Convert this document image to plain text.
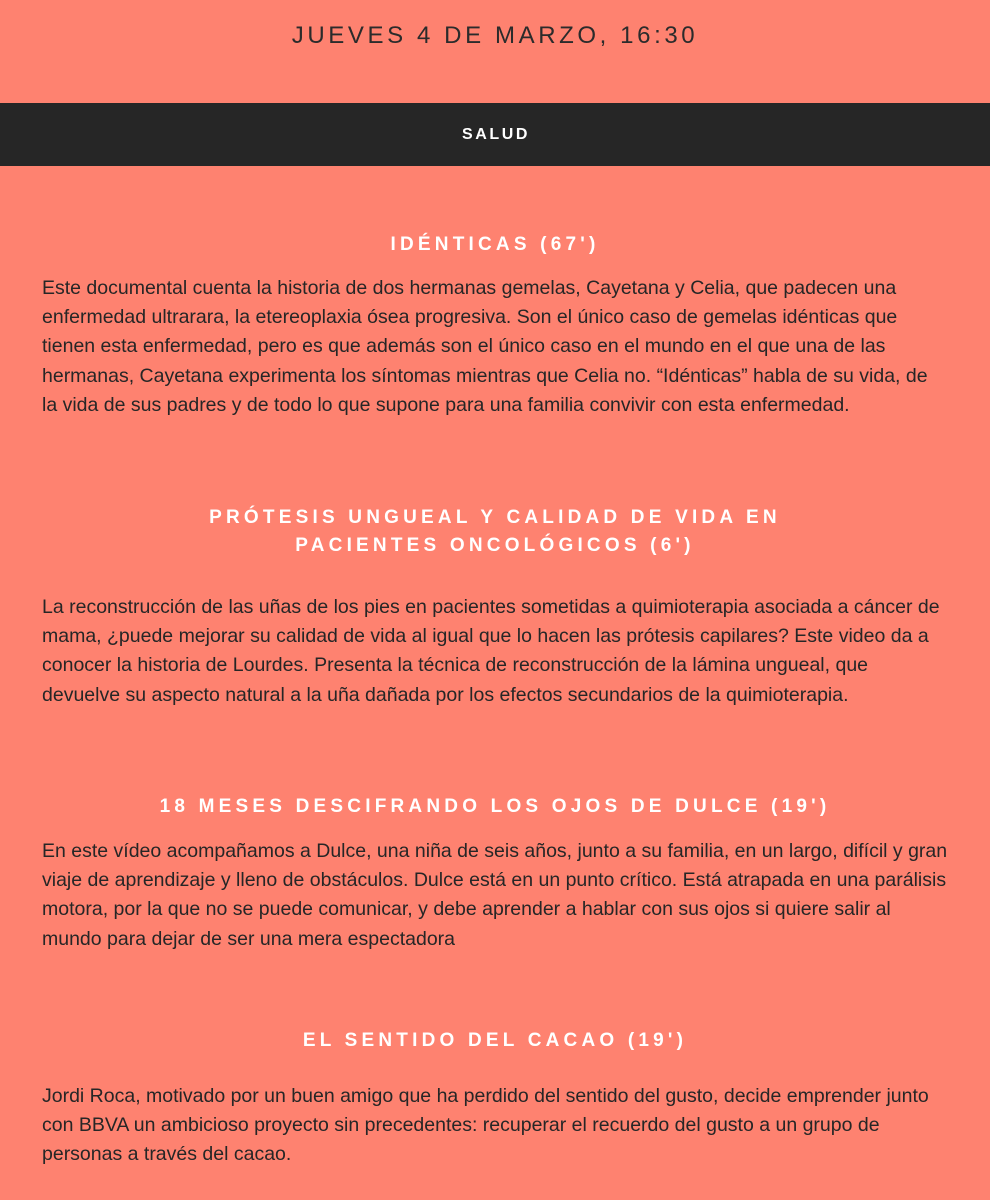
JUEVES 4 DE MARZO, 16:30
SALUD
IDÉNTICAS (67')

Este documental cuenta la historia de dos hermanas gemelas, Cayetana y Celia, que padecen una enfermedad ultrarara, la etereoplaxia ósea progresiva. Son el único caso de gemelas idénticas que tienen esta enfermedad, pero es que además son el único caso en el mundo en el que una de las hermanas, Cayetana experimenta los síntomas mientras que Celia no. “Idénticas” habla de su vida, de la vida de sus padres y de todo lo que supone para una familia convivir con esta enfermedad.

PRÓTESIS UNGUEAL Y CALIDAD DE VIDA EN
PACIENTES ONCOLÓGICOS (6')

La reconstrucción de las uñas de los pies en pacientes sometidas a quimioterapia asociada a cáncer de mama, ¿puede mejorar su calidad de vida al igual que lo hacen las prótesis capilares? Este video da a conocer la historia de Lourdes. Presenta la técnica de reconstrucción de la lámina ungueal, que devuelve su aspecto natural a la uña dañada por los efectos secundarios de la quimioterapia.

18 MESES DESCIFRANDO LOS OJOS DE DULCE (19')

En este vídeo acompañamos a Dulce, una niña de seis años, junto a su familia, en un largo, difícil y gran viaje de aprendizaje y lleno de obstáculos. Dulce está en un punto crítico. Está atrapada en una parálisis motora, por la que no se puede comunicar, y debe aprender a hablar con sus ojos si quiere salir al mundo para dejar de ser una mera espectadora

EL SENTIDO DEL CACAO (19')

Jordi Roca, motivado por un buen amigo que ha perdido del sentido del gusto, decide emprender junto con BBVA un ambicioso proyecto sin precedentes: recuperar el recuerdo del gusto a un grupo de personas a través del cacao.
